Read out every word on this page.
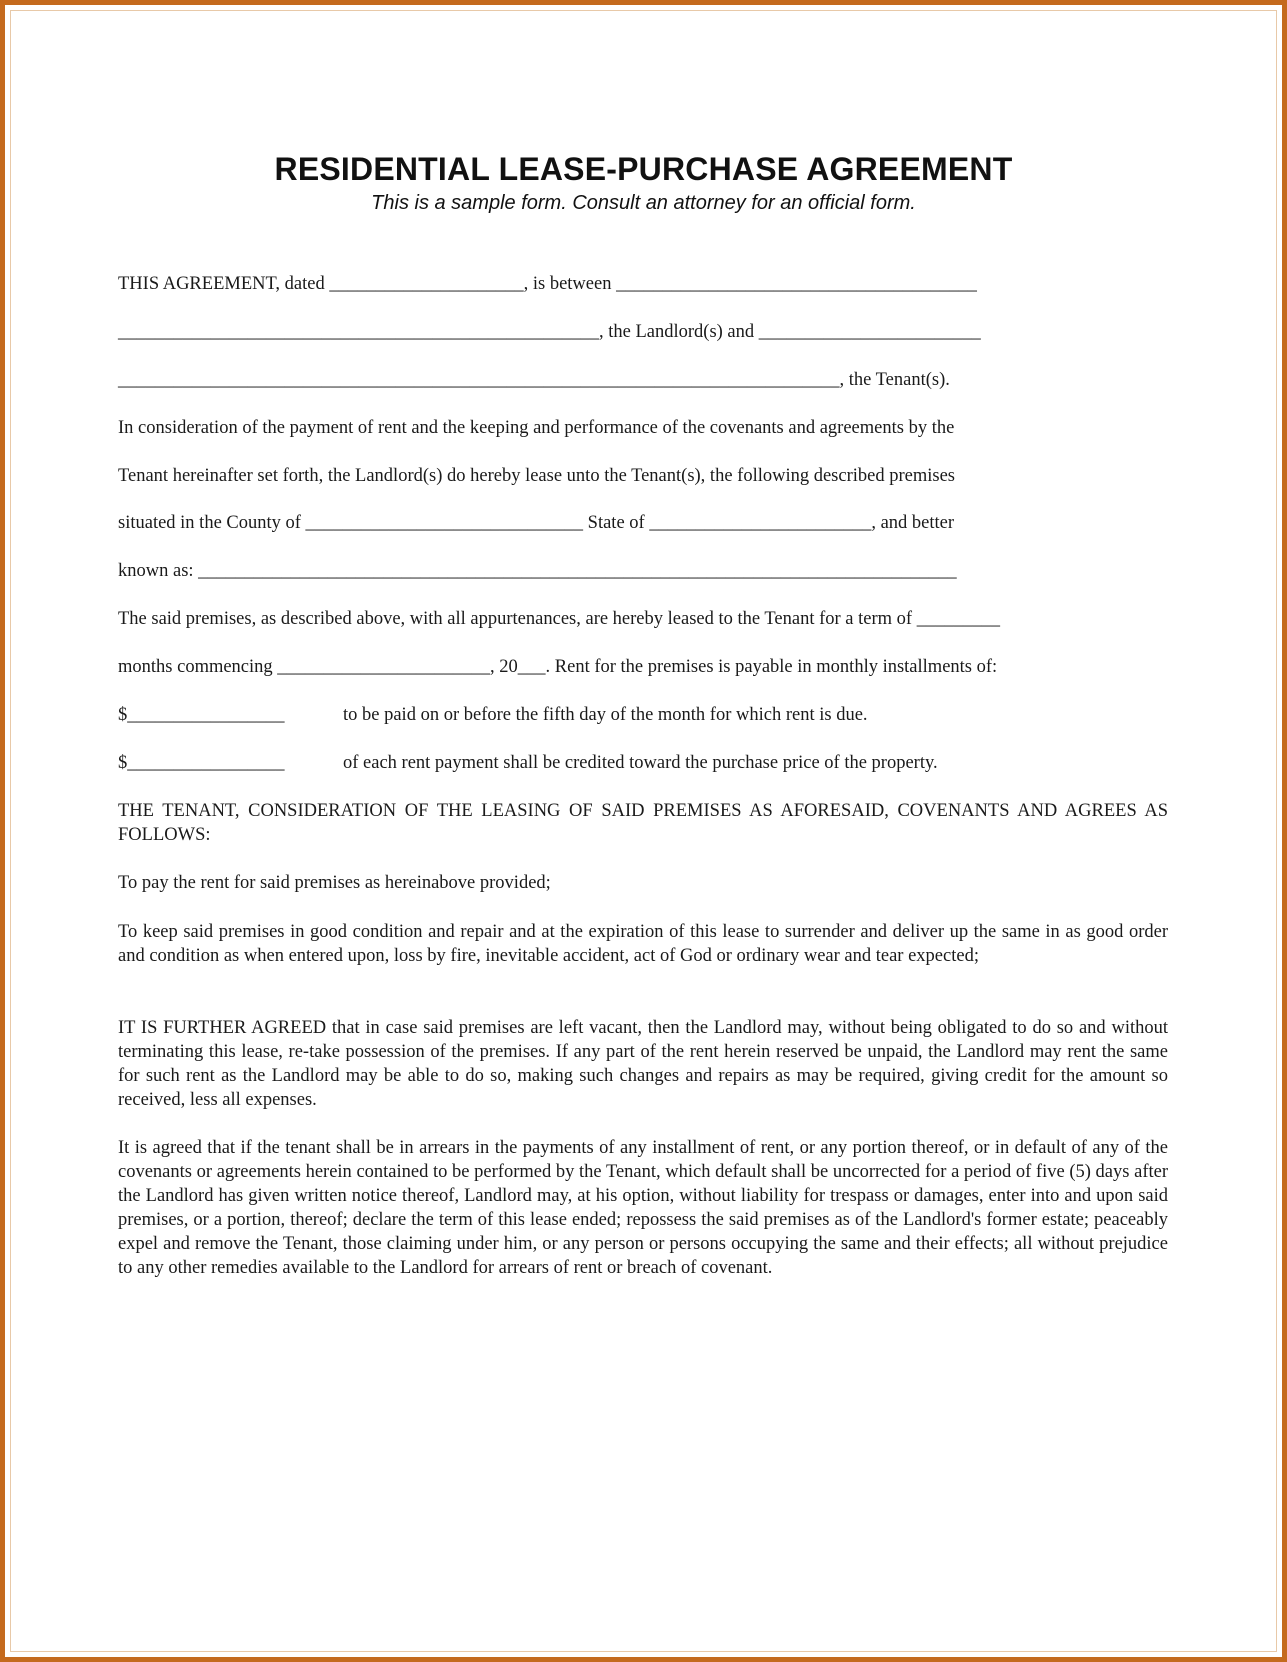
RESIDENTIAL LEASE-PURCHASE AGREEMENT
This is a sample form. Consult an attorney for an official form.
THIS AGREEMENT, dated _____________________, is between _______________________________________
____________________________________________________, the Landlord(s) and ________________________
______________________________________________________________________________, the Tenant(s).
In consideration of the payment of rent and the keeping and performance of the covenants and agreements by the
Tenant hereinafter set forth, the Landlord(s) do hereby lease unto the Tenant(s), the following described premises
situated in the County of ______________________________ State of ________________________, and better
known as: __________________________________________________________________________________
The said premises, as described above, with all appurtenances, are hereby leased to the Tenant for a term of _________
months commencing _______________________, 20___. Rent for the premises is payable in monthly installments of:
$_________________	to be paid on or before the fifth day of the month for which rent is due.
$_________________	of each rent payment shall be credited toward the purchase price of the property.
THE TENANT, CONSIDERATION OF THE LEASING OF SAID PREMISES AS AFORESAID, COVENANTS AND AGREES AS FOLLOWS:
To pay the rent for said premises as hereinabove provided;
To keep said premises in good condition and repair and at the expiration of this lease to surrender and deliver up the same in as good order and condition as when entered upon, loss by fire, inevitable accident, act of God or ordinary wear and tear expected;
IT IS FURTHER AGREED that in case said premises are left vacant, then the Landlord may, without being obligated to do so and without terminating this lease, re-take possession of the premises. If any part of the rent herein reserved be unpaid, the Landlord may rent the same for such rent as the Landlord may be able to do so, making such changes and repairs as may be required, giving credit for the amount so received, less all expenses.
It is agreed that if the tenant shall be in arrears in the payments of any installment of rent, or any portion thereof, or in default of any of the covenants or agreements herein contained to be performed by the Tenant, which default shall be uncorrected for a period of five (5) days after the Landlord has given written notice thereof, Landlord may, at his option, without liability for trespass or damages, enter into and upon said premises, or a portion, thereof; declare the term of this lease ended; repossess the said premises as of the Landlord's former estate; peaceably expel and remove the Tenant, those claiming under him, or any person or persons occupying the same and their effects; all without prejudice to any other remedies available to the Landlord for arrears of rent or breach of covenant.
